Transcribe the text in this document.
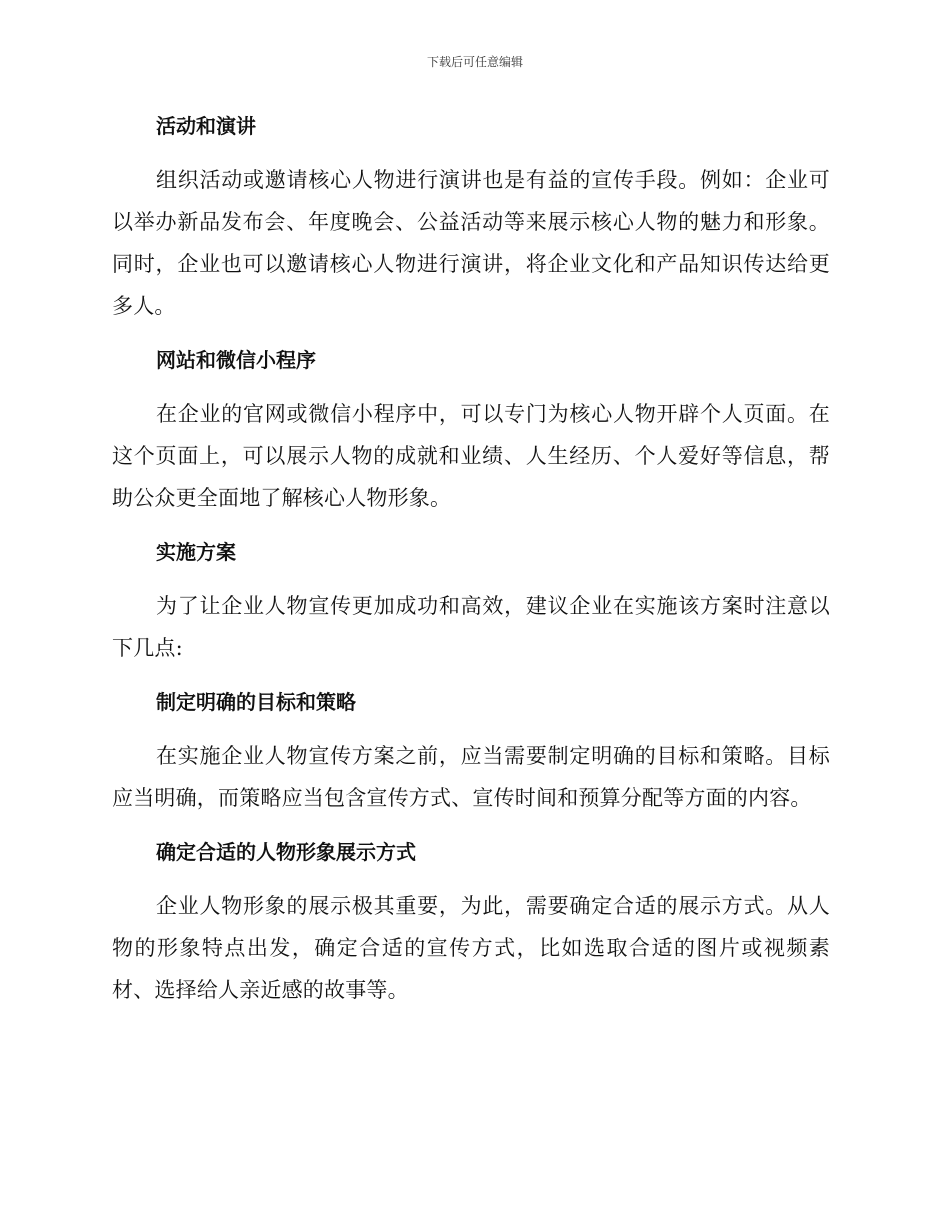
下载后可任意编辑
活动和演讲

组织活动或邀请核心人物进行演讲也是有益的宣传手段。例如：企业可以举办新品发布会、年度晚会、公益活动等来展示核心人物的魅力和形象。同时，企业也可以邀请核心人物进行演讲，将企业文化和产品知识传达给更多人。

网站和微信小程序

在企业的官网或微信小程序中，可以专门为核心人物开辟个人页面。在这个页面上，可以展示人物的成就和业绩、人生经历、个人爱好等信息，帮助公众更全面地了解核心人物形象。

实施方案

为了让企业人物宣传更加成功和高效，建议企业在实施该方案时注意以下几点:

制定明确的目标和策略

在实施企业人物宣传方案之前，应当需要制定明确的目标和策略。目标应当明确，而策略应当包含宣传方式、宣传时间和预算分配等方面的内容。

确定合适的人物形象展示方式

企业人物形象的展示极其重要，为此，需要确定合适的展示方式。从人物的形象特点出发，确定合适的宣传方式，比如选取合适的图片或视频素材、选择给人亲近感的故事等。
